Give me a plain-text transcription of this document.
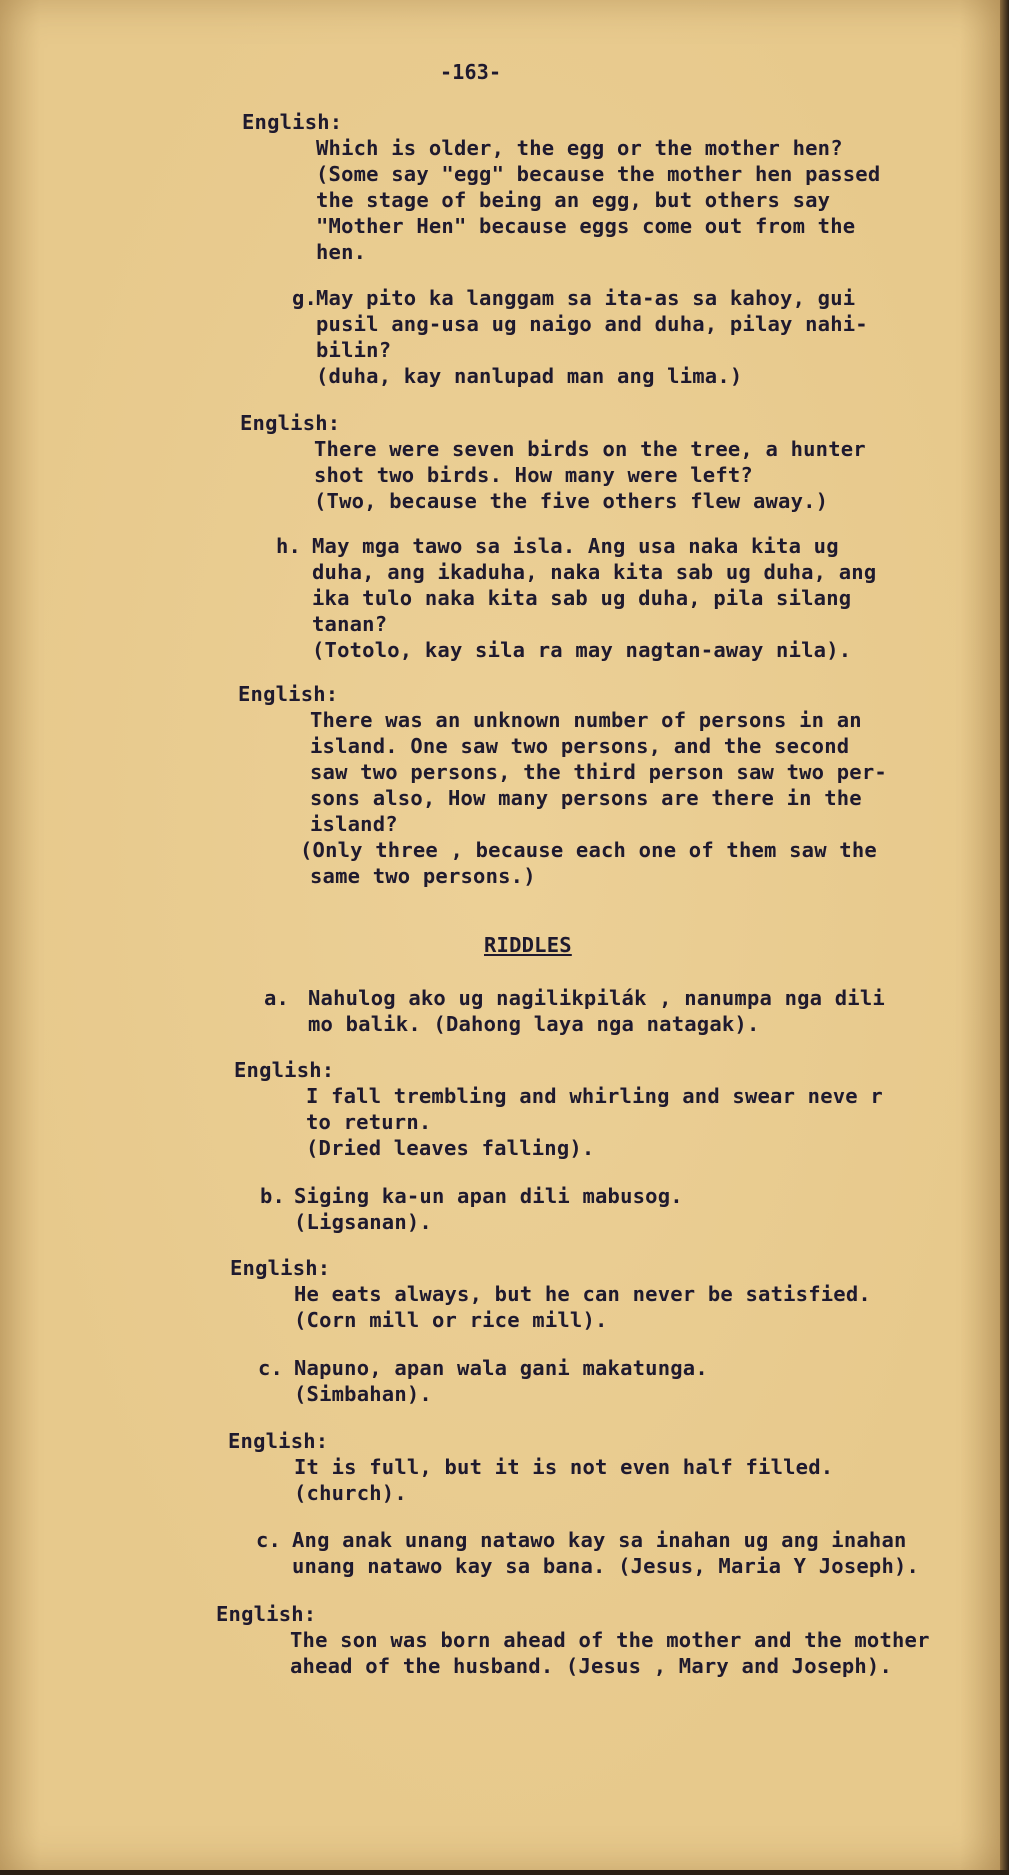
-163-
English:
Which is older, the egg or the mother hen?
(Some say "egg" because the mother hen passed
the stage of being an egg, but others say
"Mother Hen" because eggs come out from the
hen.
g.
May pito ka langgam sa ita-as sa kahoy, gui
pusil ang-usa ug naigo and duha, pilay nahi-
bilin?
(duha, kay nanlupad man ang lima.)
English:
There were seven birds on the tree, a hunter
shot two birds. How many were left?
(Two, because the five others flew away.)
h. May mga tawo sa isla. Ang usa naka kita ug
duha, ang ikaduha, naka kita sab ug duha, ang
ika tulo naka kita sab ug duha, pila silang
tanan?
(Totolo, kay sila ra may nagtan-away nila).
English:
There was an unknown number of persons in an
island. One saw two persons, and the second
saw two persons, the third person saw two per-
sons also, How many persons are there in the
island?
(Only three , because each one of them saw the
same two persons.)
RIDDLES
a. Nahulog ako ug nagilikpilák , nanumpa nga dili
mo balik. (Dahong laya nga natagak).
English:
I fall trembling and whirling and swear neve r
to return.
(Dried leaves falling).
b. Siging ka-un apan dili mabusog.
(Ligsanan).
English:
He eats always, but he can never be satisfied.
(Corn mill or rice mill).
c. Napuno, apan wala gani makatunga.
(Simbahan).
English:
It is full, but it is not even half filled.
(church).
c. Ang anak unang natawo kay sa inahan ug ang inahan
unang natawo kay sa bana. (Jesus, Maria Y Joseph).
English:
The son was born ahead of the mother and the mother
ahead of the husband. (Jesus , Mary and Joseph).
